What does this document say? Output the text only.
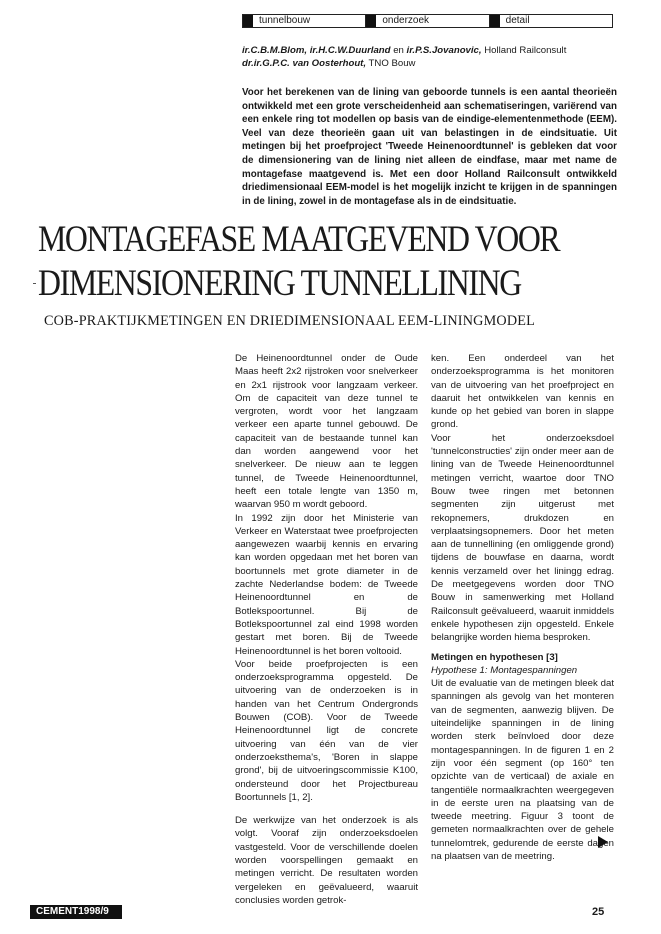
tunnelbouw	onderzoek	detail
ir.C.B.M.Blom, ir.H.C.W.Duurland en ir.P.S.Jovanovic, Holland Railconsult
dr.ir.G.P.C. van Oosterhout, TNO Bouw
Voor het berekenen van de lining van geboorde tunnels is een aantal theorieën ontwikkeld met een grote verscheidenheid aan schematiseringen, variërend van een enkele ring tot modellen op basis van de eindige-elementenmethode (EEM). Veel van deze theorieën gaan uit van belastingen in de eindsituatie. Uit metingen bij het proefproject 'Tweede Heinenoordtunnel' is gebleken dat voor de dimensionering van de lining niet alleen de eindfase, maar met name de montagefase maatgevend is. Met een door Holland Railconsult ontwikkeld driedimensionaal EEM-model is het mogelijk inzicht te krijgen in de spanningen in de lining, zowel in de montagefase als in de eindsituatie.
MONTAGEFASE MAATGEVEND VOOR
DIMENSIONERING TUNNELLINING
COB-PRAKTIJKMETINGEN EN DRIEDIMENSIONAAL EEM-LININGMODEL

De Heinenoordtunnel onder de Oude Maas heeft 2x2 rijstroken voor snelverkeer en 2x1 rijstrook voor langzaam verkeer. Om de capaciteit van deze tunnel te vergroten, wordt voor het langzaam verkeer een aparte tunnel gebouwd. De capaciteit van de bestaande tunnel kan dan worden aangewend voor het snelverkeer. De nieuw aan te leggen tunnel, de Tweede Heinenoordtunnel, heeft een totale lengte van 1350 m, waarvan 950 m wordt geboord.

In 1992 zijn door het Ministerie van Verkeer en Waterstaat twee proefprojecten aangewezen waarbij kennis en ervaring kan worden opgedaan met het boren van boortunnels met grote diameter in de zachte Nederlandse bodem: de Tweede Heinenoordtunnel en de Botlekspoortunnel. Bij de Botlekspoortunnel zal eind 1998 worden gestart met boren. Bij de Tweede Heinenoordtunnel is het boren voltooid.

Voor beide proefprojecten is een onderzoeksprogramma opgesteld. De uitvoering van de onderzoeken is in handen van het Centrum Ondergronds Bouwen (COB). Voor de Tweede Heinenoordtunnel ligt de concrete uitvoering van één van de vier onderzoeksthema's, 'Boren in slappe grond', bij de uitvoeringscommissie K100, ondersteund door het Projectbureau Boortunnels [1, 2].

De werkwijze van het onderzoek is als volgt. Vooraf zijn onderzoeksdoelen vastgesteld. Voor de verschillende doelen worden voorspellingen gemaakt en metingen verricht. De resultaten worden vergeleken en geëvalueerd, waaruit conclusies worden getrok-

ken. Een onderdeel van het onderzoeksprogramma is het monitoren van de uitvoering van het proefproject en daaruit het ontwikkelen van kennis en kunde op het gebied van boren in slappe grond.

Voor het onderzoeksdoel 'tunnelconstructies' zijn onder meer aan de lining van de Tweede Heinenoordtunnel metingen verricht, waartoe door TNO Bouw twee ringen met betonnen segmenten zijn uitgerust met rekopnemers, drukdozen en verplaatsingsopnemers. Door het meten aan de tunnellining (en omliggende grond) tijdens de bouwfase en daarna, wordt kennis verzameld over het liningg edrag. De meetgegevens worden door TNO Bouw in samenwerking met Holland Railconsult geëvalueerd, waaruit inmiddels enkele hypothesen zijn opgesteld. Enkele belangrijke worden hiema besproken.

Metingen en hypothesen [3]

Hypothese 1: Montagespanningen

Uit de evaluatie van de metingen bleek dat spanningen als gevolg van het monteren van de segmenten, aanwezig blijven. De uiteindelijke spanningen in de lining worden sterk beïnvloed door deze montagespanningen. In de figuren 1 en 2 zijn voor één segment (op 160° ten opzichte van de verticaal) de axiale en tangentiële normaalkrachten weergegeven in de eerste uren na plaatsing van de tweede meetring. Figuur 3 toont de gemeten normaalkrachten over de gehele tunnelomtrek, gedurende de eerste dagen na plaatsen van de meetring.

CEMENT1998/9	25
